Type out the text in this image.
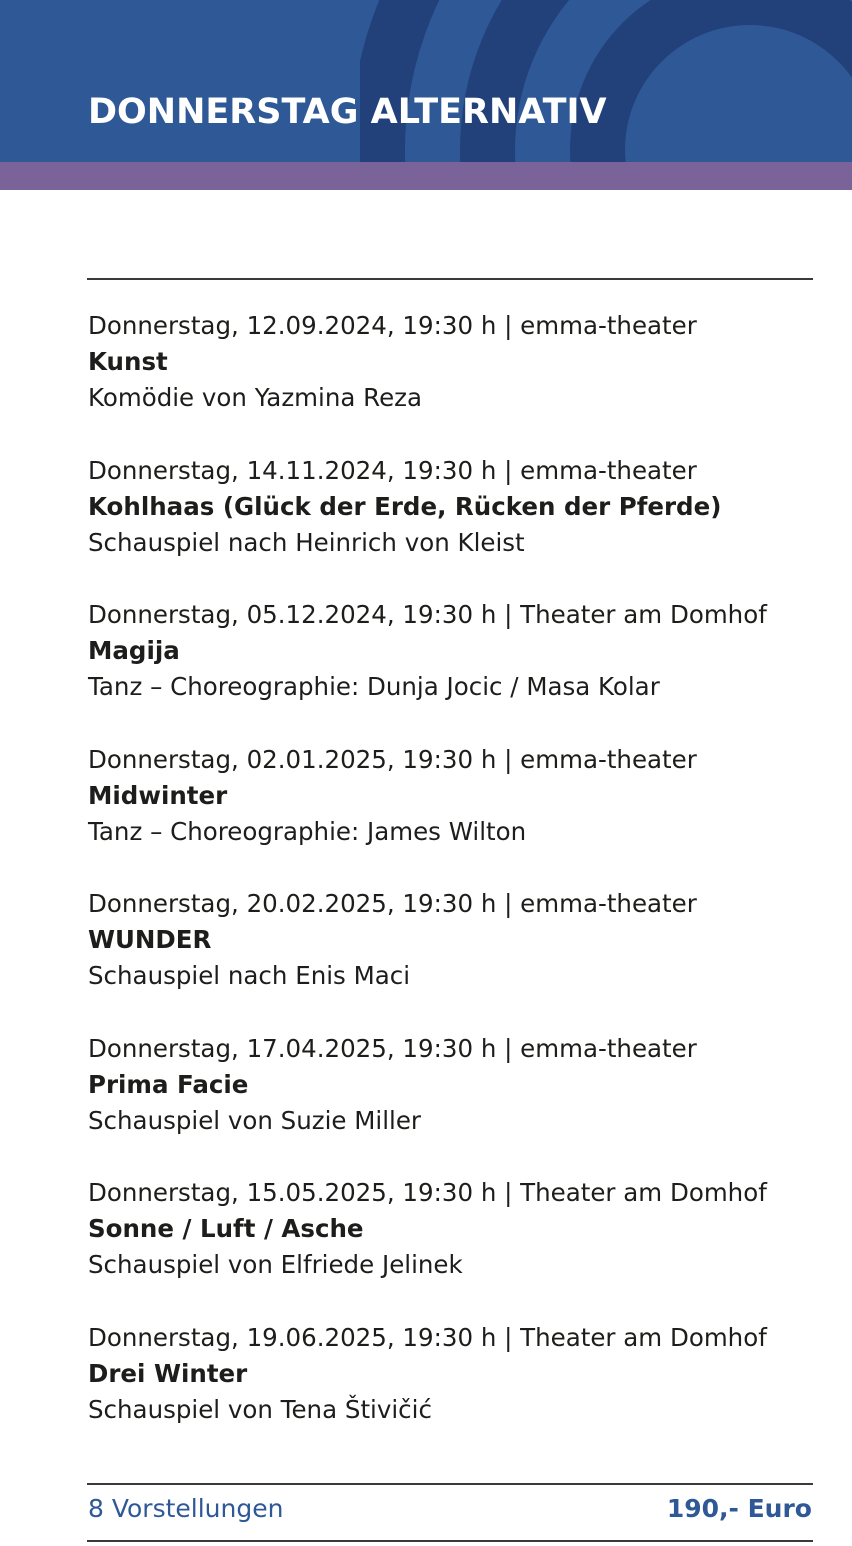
DONNERSTAG ALTERNATIV
Donnerstag, 12.09.2024, 19:30 h | emma-theater
Kunst
Komödie von Yazmina Reza
Donnerstag, 14.11.2024, 19:30 h | emma-theater
Kohlhaas (Glück der Erde, Rücken der Pferde)
Schauspiel nach Heinrich von Kleist
Donnerstag, 05.12.2024, 19:30 h | Theater am Domhof
Magija
Tanz – Choreographie: Dunja Jocic / Masa Kolar
Donnerstag, 02.01.2025, 19:30 h | emma-theater
Midwinter
Tanz – Choreographie: James Wilton
Donnerstag, 20.02.2025, 19:30 h | emma-theater
WUNDER
Schauspiel nach Enis Maci
Donnerstag, 17.04.2025, 19:30 h | emma-theater
Prima Facie
Schauspiel von Suzie Miller
Donnerstag, 15.05.2025, 19:30 h | Theater am Domhof
Sonne / Luft / Asche
Schauspiel von Elfriede Jelinek
Donnerstag, 19.06.2025, 19:30 h | Theater am Domhof
Drei Winter
Schauspiel von Tena Štivičić
8 Vorstellungen	190,- Euro
